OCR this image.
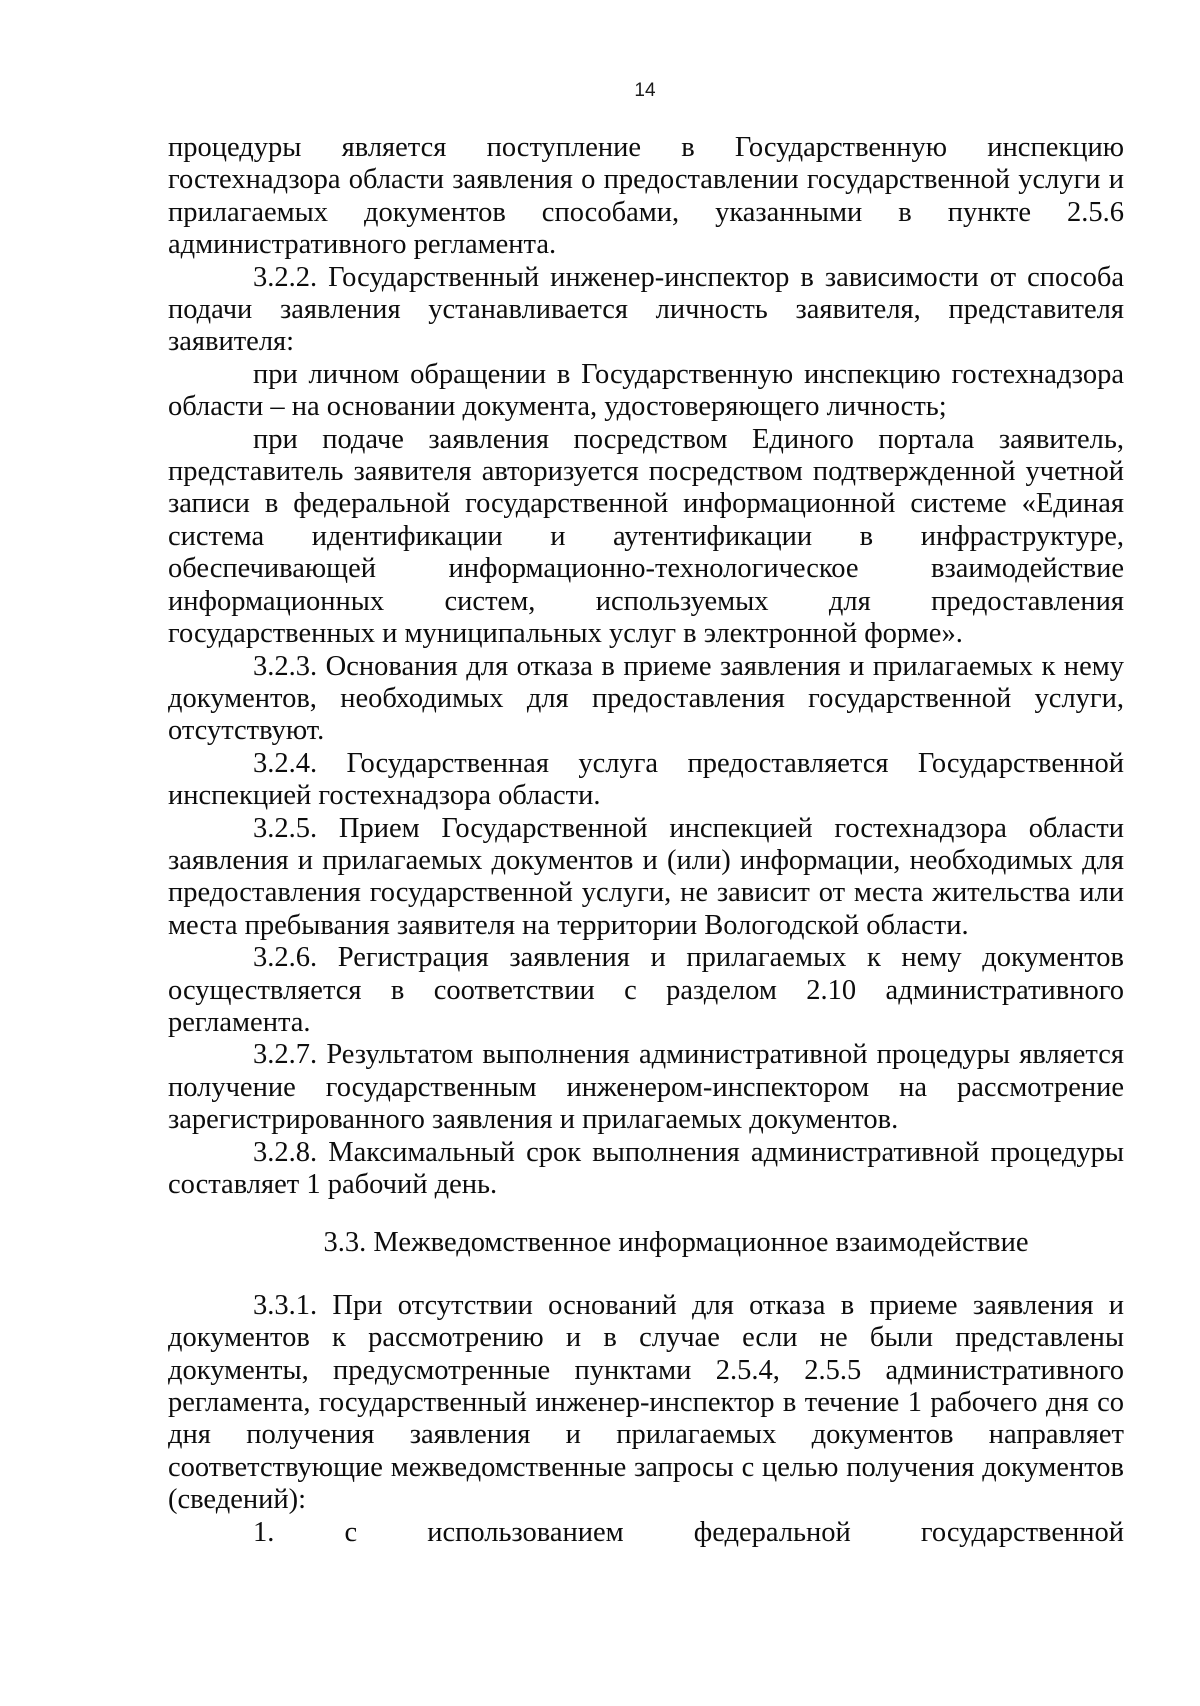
14

процедуры является поступление в Государственную инспекцию гостехнадзора области заявления о предоставлении государственной услуги и прилагаемых документов способами, указанными в пункте 2.5.6 административного регламента.

3.2.2. Государственный инженер-инспектор в зависимости от способа подачи заявления устанавливается личность заявителя, представителя заявителя:

при личном обращении в Государственную инспекцию гостехнадзора области – на основании документа, удостоверяющего личность;

при подаче заявления посредством Единого портала заявитель, представитель заявителя авторизуется посредством подтвержденной учетной записи в федеральной государственной информационной системе «Единая система идентификации и аутентификации в инфраструктуре, обеспечивающей информационно-технологическое взаимодействие информационных систем, используемых для предоставления государственных и муниципальных услуг в электронной форме».

3.2.3. Основания для отказа в приеме заявления и прилагаемых к нему документов, необходимых для предоставления государственной услуги, отсутствуют.

3.2.4. Государственная услуга предоставляется Государственной инспекцией гостехнадзора области.

3.2.5. Прием Государственной инспекцией гостехнадзора области заявления и прилагаемых документов и (или) информации, необходимых для предоставления государственной услуги, не зависит от места жительства или места пребывания заявителя на территории Вологодской области.

3.2.6. Регистрация заявления и прилагаемых к нему документов осуществляется в соответствии с разделом 2.10 административного регламента.

3.2.7. Результатом выполнения административной процедуры является получение государственным инженером-инспектором на рассмотрение зарегистрированного заявления и прилагаемых документов.

3.2.8. Максимальный срок выполнения административной процедуры составляет 1 рабочий день.

3.3. Межведомственное информационное взаимодействие

3.3.1. При отсутствии оснований для отказа в приеме заявления и документов к рассмотрению и в случае если не были представлены документы, предусмотренные пунктами 2.5.4, 2.5.5 административного регламента, государственный инженер-инспектор в течение 1 рабочего дня со дня получения заявления и прилагаемых документов направляет соответствующие межведомственные запросы с целью получения документов (сведений):

1. с использованием федеральной государственной
